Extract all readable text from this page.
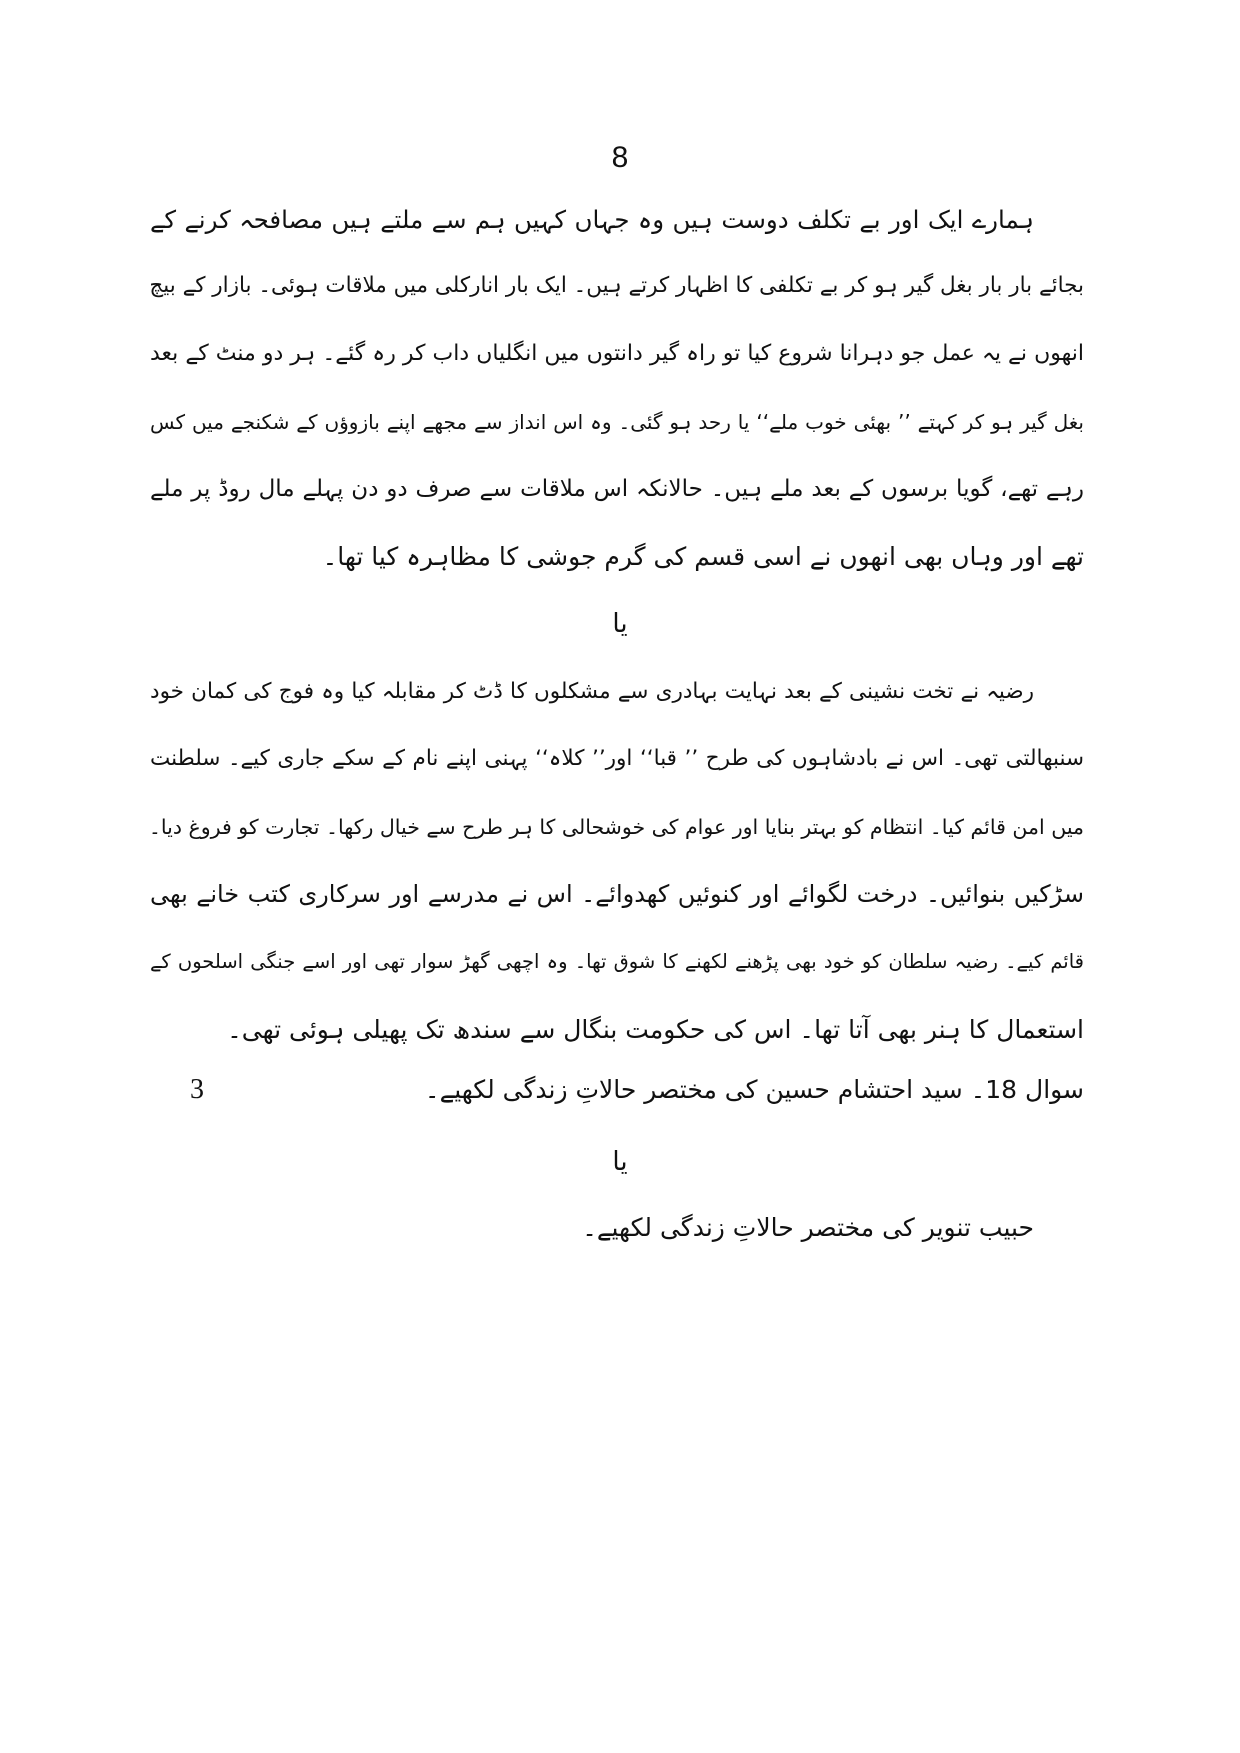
8
ہمارے ایک اور بے تکلف دوست ہیں وہ جہاں کہیں ہم سے ملتے ہیں مصافحہ کرنے کے
بجائے بار بار بغل گیر ہو کر بے تکلفی کا اظہار کرتے ہیں۔ ایک بار انارکلی میں ملاقات ہوئی۔ بازار کے بیچ
انھوں نے یہ عمل جو دہرانا شروع کیا تو راہ گیر دانتوں میں انگلیاں داب کر رہ گئے۔ ہر دو منٹ کے بعد
بغل گیر ہو کر کہتے ’’ بھئی خوب ملے‘‘ یا رحد ہو گئی۔ وہ اس انداز سے مجھے اپنے بازوؤں کے شکنجے میں کس
رہے تھے، گویا برسوں کے بعد ملے ہیں۔ حالانکہ اس ملاقات سے صرف دو دن پہلے مال روڈ پر ملے
تھے اور وہاں بھی انھوں نے اسی قسم کی گرم جوشی کا مظاہرہ کیا تھا۔
یا
رضیہ نے تخت نشینی کے بعد نہایت بہادری سے مشکلوں کا ڈٹ کر مقابلہ کیا وہ فوج کی کمان خود
سنبھالتی تھی۔ اس نے بادشاہوں کی طرح ’’ قبا‘‘ اور’’ کلاہ‘‘ پہنی اپنے نام کے سکے جاری کیے۔ سلطنت
میں امن قائم کیا۔ انتظام کو بہتر بنایا اور عوام کی خوشحالی کا ہر طرح سے خیال رکھا۔ تجارت کو فروغ دیا۔
سڑکیں بنوائیں۔ درخت لگوائے اور کنوئیں کھدوائے۔ اس نے مدرسے اور سرکاری کتب خانے بھی
قائم کیے۔ رضیہ سلطان کو خود بھی پڑھنے لکھنے کا شوق تھا۔ وہ اچھی گھڑ سوار تھی اور اسے جنگی اسلحوں کے
استعمال کا ہنر بھی آتا تھا۔ اس کی حکومت بنگال سے سندھ تک پھیلی ہوئی تھی۔
سوال 18۔ سید احتشام حسین کی مختصر حالاتِ زندگی لکھیے۔
3
یا
حبیب تنویر کی مختصر حالاتِ زندگی لکھیے۔
